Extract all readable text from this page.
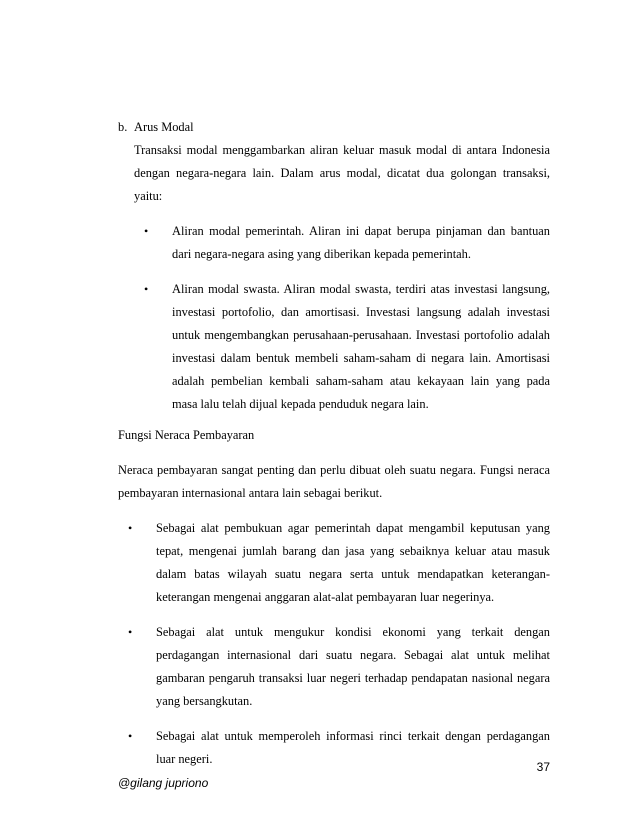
b. Arus Modal

Transaksi modal menggambarkan aliran keluar masuk modal di antara Indonesia dengan negara-negara lain. Dalam arus modal, dicatat dua golongan transaksi, yaitu:

•	Aliran modal pemerintah. Aliran ini dapat berupa pinjaman dan bantuan dari negara-negara asing yang diberikan kepada pemerintah.
•	Aliran modal swasta. Aliran modal swasta, terdiri atas investasi langsung, investasi portofolio, dan amortisasi. Investasi langsung adalah investasi untuk mengembangkan perusahaan-perusahaan. Investasi portofolio adalah investasi dalam bentuk membeli saham-saham di negara lain. Amortisasi adalah pembelian kembali saham-saham atau kekayaan lain yang pada masa lalu telah dijual kepada penduduk negara lain.

Fungsi Neraca Pembayaran

Neraca pembayaran sangat penting dan perlu dibuat oleh suatu negara. Fungsi neraca pembayaran internasional antara lain sebagai berikut.

•	Sebagai alat pembukuan agar pemerintah dapat mengambil keputusan yang tepat, mengenai jumlah barang dan jasa yang sebaiknya keluar atau masuk dalam batas wilayah suatu negara serta untuk mendapatkan keterangan-keterangan mengenai anggaran alat-alat pembayaran luar negerinya.
•	Sebagai alat untuk mengukur kondisi ekonomi yang terkait dengan perdagangan internasional dari suatu negara. Sebagai alat untuk melihat gambaran pengaruh transaksi luar negeri terhadap pendapatan nasional negara yang bersangkutan.
•	Sebagai alat untuk memperoleh informasi rinci terkait dengan perdagangan luar negeri.
37
@gilang jupriono
